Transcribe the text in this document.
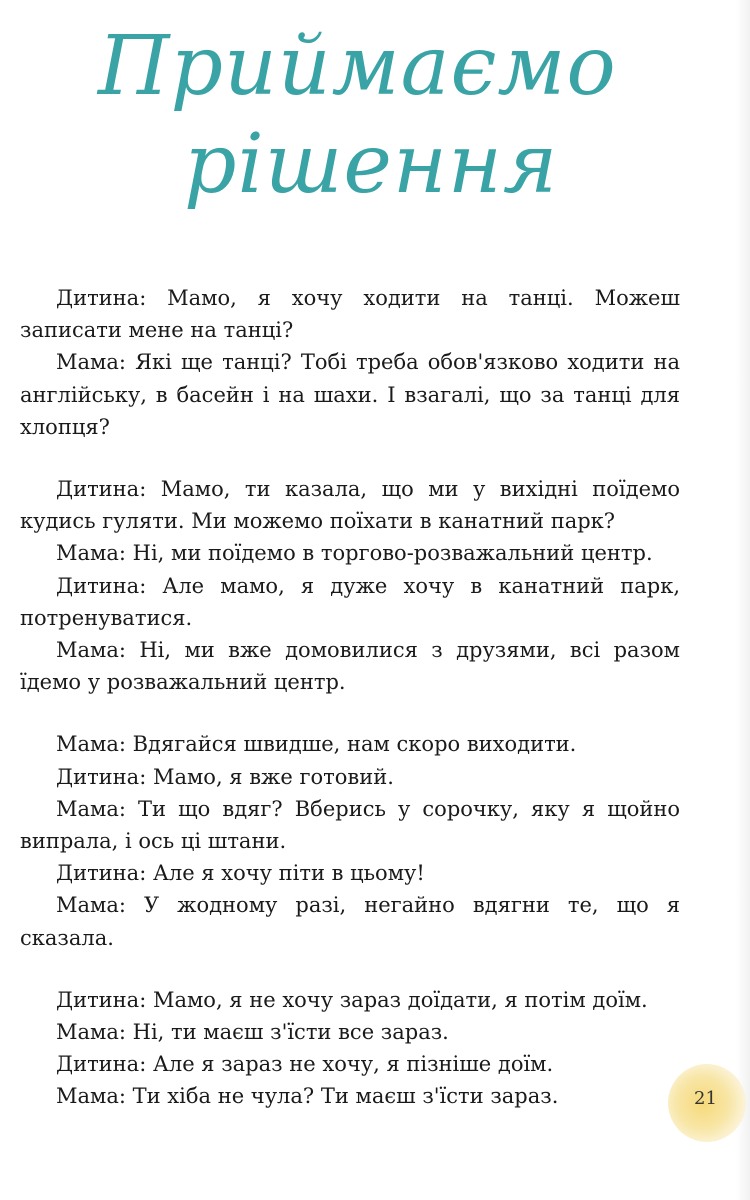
Приймаємо
рішення

Дитина: Мамо, я хочу ходити на танці. Можеш записати мене на танці?

Мама: Які ще танці? Тобі треба обов'язково ходити на англійську, в басейн і на шахи. І взагалі, що за танці для хлопця?

Дитина: Мамо, ти казала, що ми у вихідні поїдемо кудись гуляти. Ми можемо поїхати в канатний парк?

Мама: Ні, ми поїдемо в торгово-розважальний центр.

Дитина: Але мамо, я дуже хочу в канатний парк, потренуватися.

Мама: Ні, ми вже домовилися з друзями, всі разом їдемо у розважальний центр.

Мама: Вдягайся швидше, нам скоро виходити.

Дитина: Мамо, я вже готовий.

Мама: Ти що вдяг? Вберись у сорочку, яку я щойно випрала, і ось ці штани.

Дитина: Але я хочу піти в цьому!

Мама: У жодному разі, негайно вдягни те, що я сказала.

Дитина: Мамо, я не хочу зараз доїдати, я потім доїм.

Мама: Ні, ти маєш з'їсти все зараз.

Дитина: Але я зараз не хочу, я пізніше доїм.

Мама: Ти хіба не чула? Ти маєш з'їсти зараз.	21
